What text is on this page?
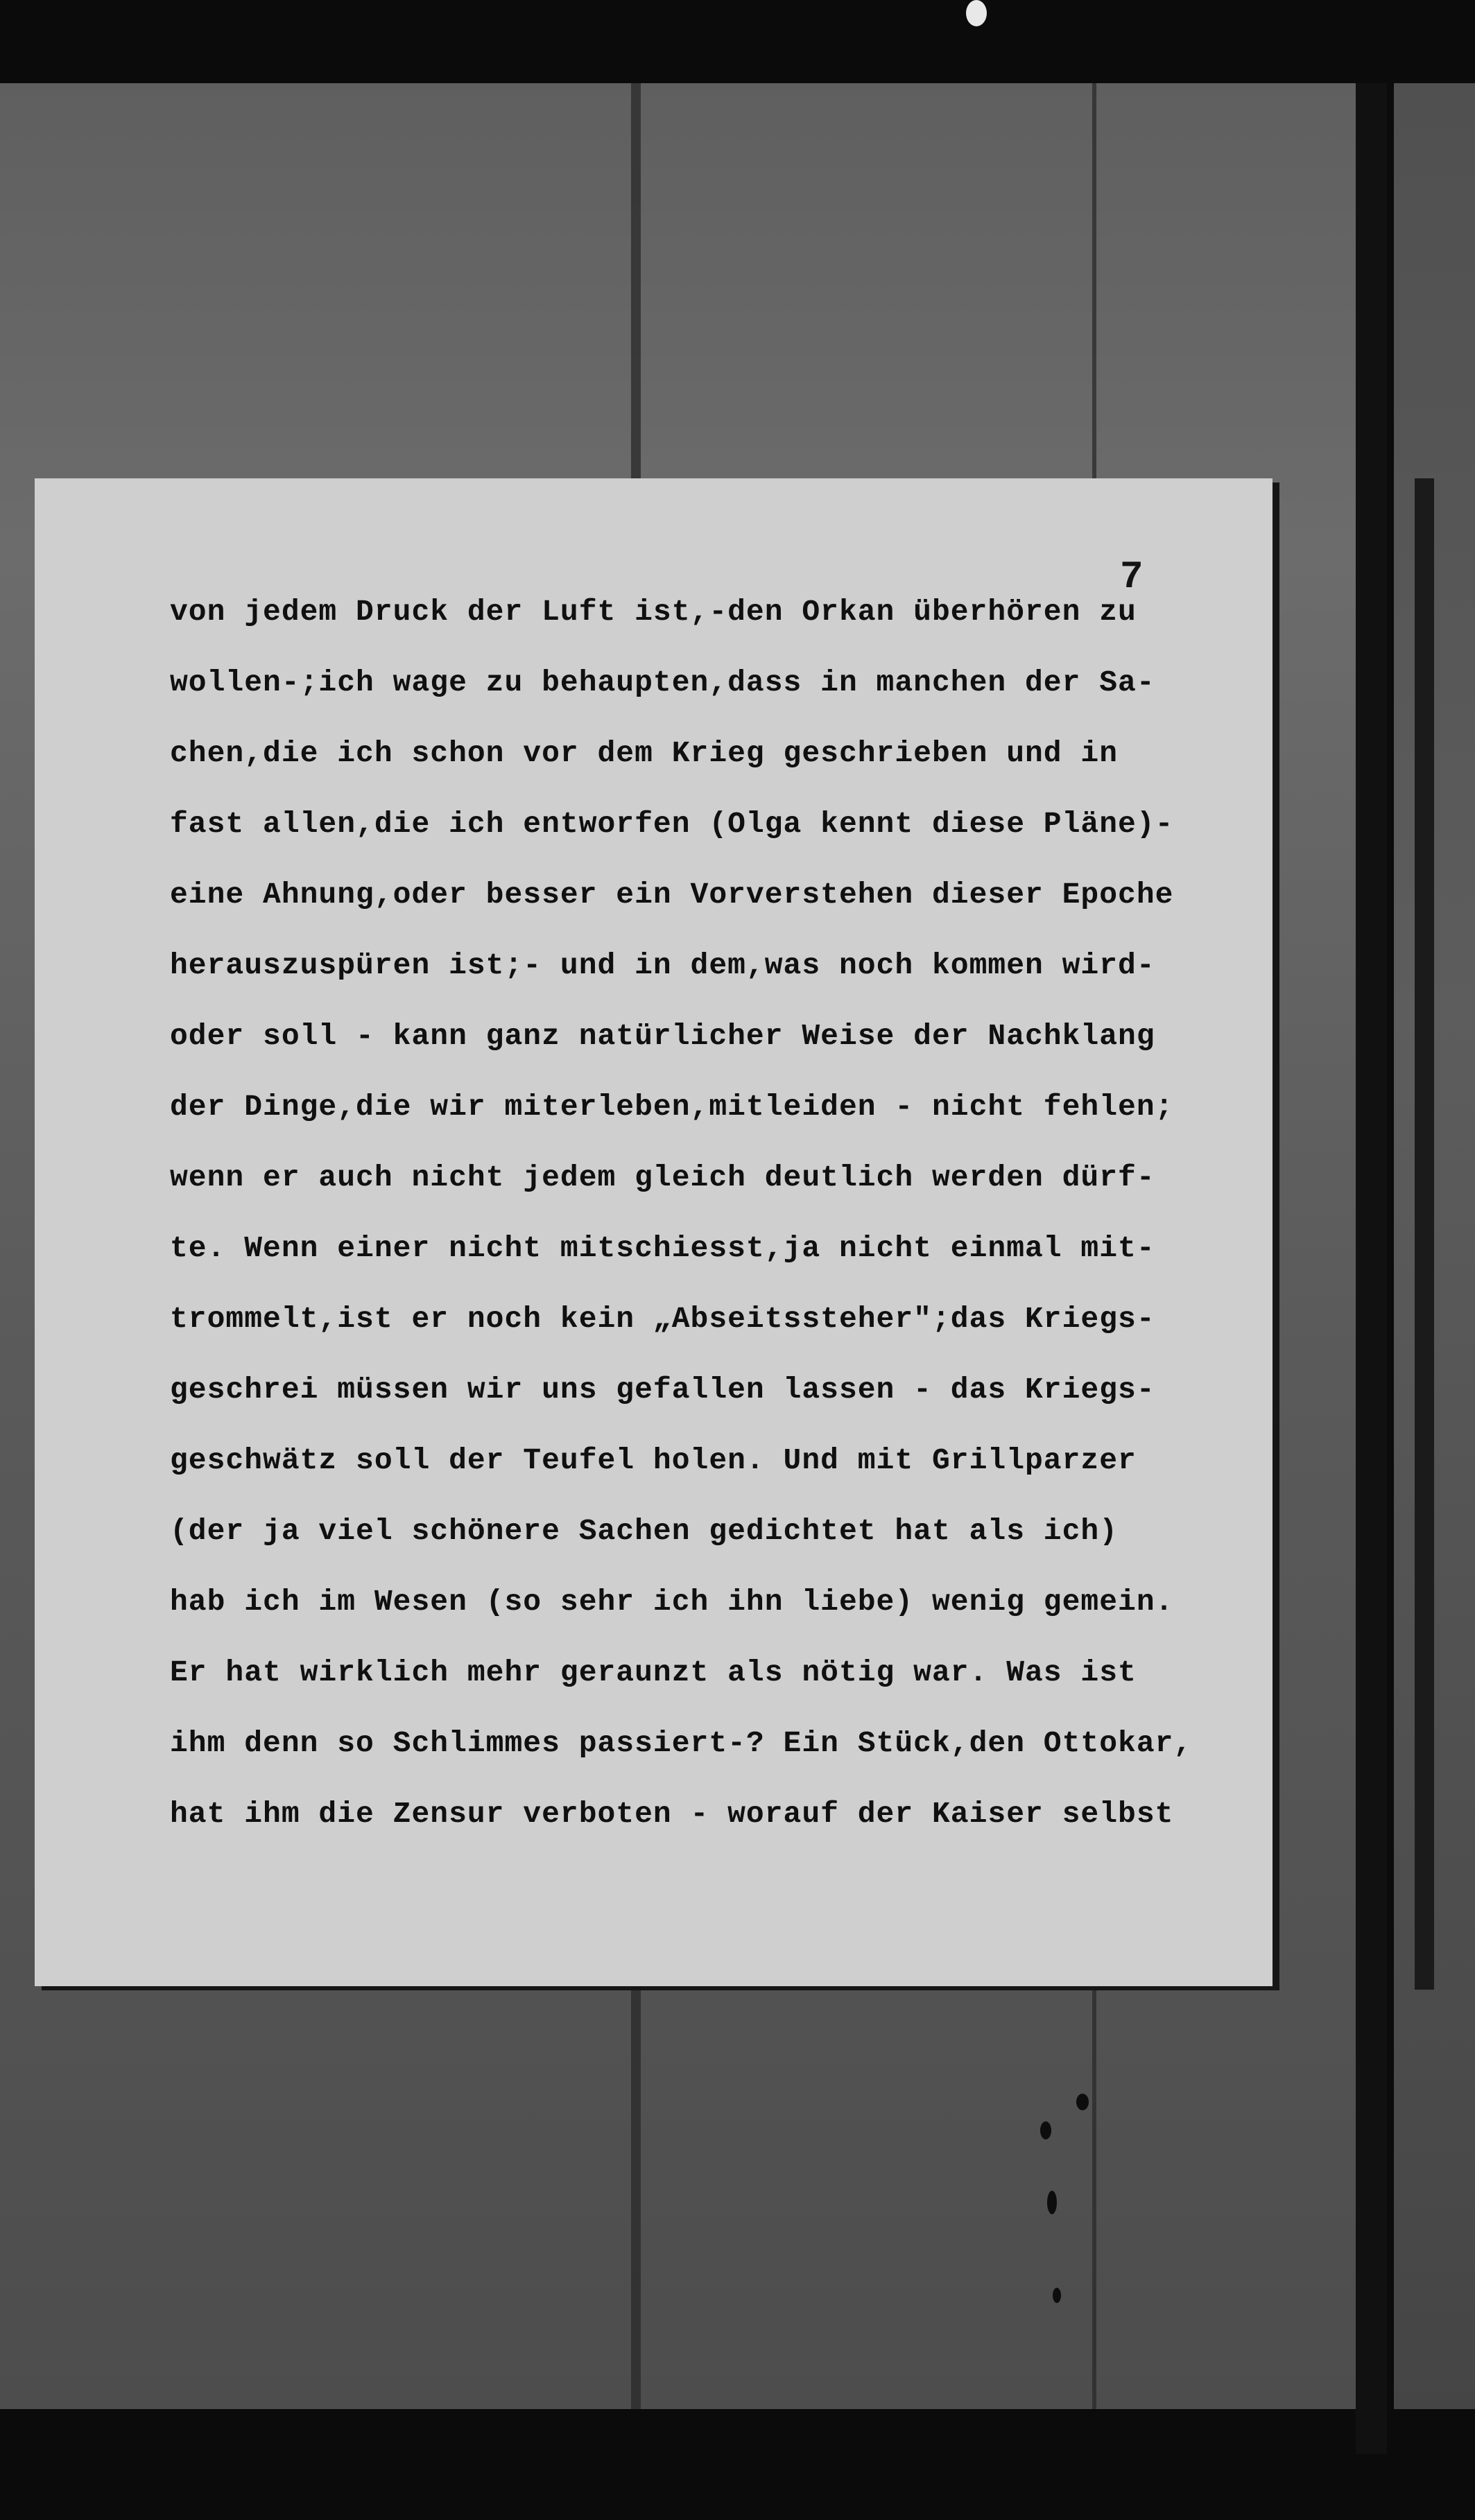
7

von jedem Druck der Luft ist,-den Orkan überhören zu

wollen-;ich wage zu behaupten,dass in manchen der Sa-

chen,die ich schon vor dem Krieg geschrieben und in

fast allen,die ich entworfen (Olga kennt diese Pläne)-

eine Ahnung,oder besser ein Vorverstehen dieser Epoche

herauszuspüren ist;- und in dem,was noch kommen wird-

oder soll - kann ganz natürlicher Weise der Nachklang

der Dinge,die wir miterleben,mitleiden - nicht fehlen;

wenn er auch nicht jedem gleich deutlich werden dürf-

te. Wenn einer nicht mitschiesst,ja nicht einmal mit-

trommelt,ist er noch kein „Abseitssteher";das Kriegs-

geschrei müssen wir uns gefallen lassen - das Kriegs-

geschwätz soll der Teufel holen. Und mit Grillparzer

(der ja viel schönere Sachen gedichtet hat als ich)

hab ich im Wesen (so sehr ich ihn liebe) wenig gemein.

Er hat wirklich mehr geraunzt als nötig war. Was ist

ihm denn so Schlimmes passiert-? Ein Stück,den Ottokar,

hat ihm die Zensur verboten - worauf der Kaiser selbst
